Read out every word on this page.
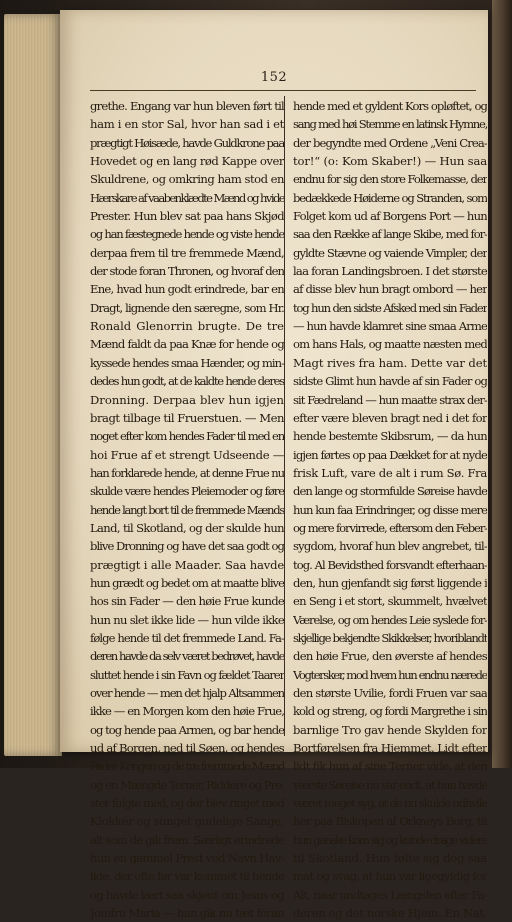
152
grethe. Engang var hun bleven ført til
ham i en stor Sal, hvor han sad i et
prægtigt Høisæde, havde Guldkrone paa
Hovedet og en lang rød Kappe over
Skuldrene, og omkring ham stod en
Hærskare af vaabenklædte Mænd og hvide
Prester. Hun blev sat paa hans Skjød
og han fæstegnede hende og viste hende
derpaa frem til tre fremmede Mænd,
der stode foran Thronen, og hvoraf den
Ene, hvad hun godt erindrede, bar en
Dragt, lignende den særegne, som Hr.
Ronald Glenorrin brugte. De tre
Mænd faldt da paa Knæ for hende og
kyssede hendes smaa Hænder, og min-
dedes hun godt, at de kaldte hende deres
Dronning. Derpaa blev hun igjen
bragt tilbage til Fruerstuen. — Men
noget efter kom hendes Fader til med en
hoi Frue af et strengt Udseende —
han forklarede hende, at denne Frue nu
skulde være hendes Pleiemoder og føre
hende langt bort til de fremmede Mænds
Land, til Skotland, og der skulde hun
blive Dronning og have det saa godt og
prægtigt i alle Maader. Saa havde
hun grædt og bedet om at maatte blive
hos sin Fader — den høie Frue kunde
hun nu slet ikke lide — hun vilde ikke
følge hende til det fremmede Land. Fa-
deren havde da selv været bedrøvet, havde
sluttet hende i sin Favn og fældet Taarer
over hende — men det hjalp Altsammen
ikke — en Morgen kom den høie Frue,
og tog hende paa Armen, og bar hende
ud af Borgen, ned til Søen, og hendes
Fader Kongen og de tre fremmede Mænd
og en Mængde Terner, Riddere og Pre-
ster fulgte med, og der blev ringet med
Klokker og sunget gudelige Sange,
alt som de gik frem. Særligt erindrede
hun en gammel Prest ved Navn Hav-
lide, der ofte før var kommet til hende
og havde lært saa skjønt om Jesus og
Jomfru Maria — han gik nu tæt foran
hende med et gyldent Kors opløftet, og
sang med høi Stemme en latinsk Hymne,
der begyndte med Ordene „Veni Crea-
tor!“ (o: Kom Skaber!) — Hun saa
endnu for sig den store Folkemasse, der
bedækkede Høiderne og Stranden, som
Folget kom ud af Borgens Port — hun
saa den Række af lange Skibe, med for-
gyldte Stævne og vaiende Vimpler, der
laa foran Landingsbroen. I det største
af disse blev hun bragt ombord — her
tog hun den sidste Afsked med sin Fader
— hun havde klamret sine smaa Arme
om hans Hals, og maatte næsten med
Magt rives fra ham. Dette var det
sidste Glimt hun havde af sin Fader og
sit Fædreland — hun maatte strax der-
efter være bleven bragt ned i det for
hende bestemte Skibsrum, — da hun
igjen førtes op paa Dækket for at nyde
frisk Luft, vare de alt i rum Sø. Fra
den lange og stormfulde Søreise havde
hun kun faa Erindringer, og disse mere
og mere forvirrede, eftersom den Feber-
sygdom, hvoraf hun blev angrebet, til-
tog. Al Bevidsthed forsvandt efterhaan-
den, hun gjenfandt sig først liggende i
en Seng i et stort, skummelt, hvælvet
Værelse, og om hendes Leie syslede for-
skjellige bekjendte Skikkelser, hvoriblandt
den høie Frue, den øverste af hendes
Vogtersker, mod hvem hun endnu nærede
den største Uvilie, fordi Fruen var saa
kold og streng, og fordi Margrethe i sin
barnlige Tro gav hende Skylden for
Bortførelsen fra Hjemmet. Lidt efter
lidt fik hun af sine Terner vide, at den
værste Søreise nu var endt, at hun havde
været meget syg, at de nu skulde udhvile
her paa Biskopen af Orkneys Borg, til
hun ganske kom sig og kunde drage videre
til Skotland. Hun følte sig dog saa
mat og svag, at hun var ligegyldig for
Alt, naar undtages Længslen efter Fa-
deren og det norske Hjem. En Nat,
